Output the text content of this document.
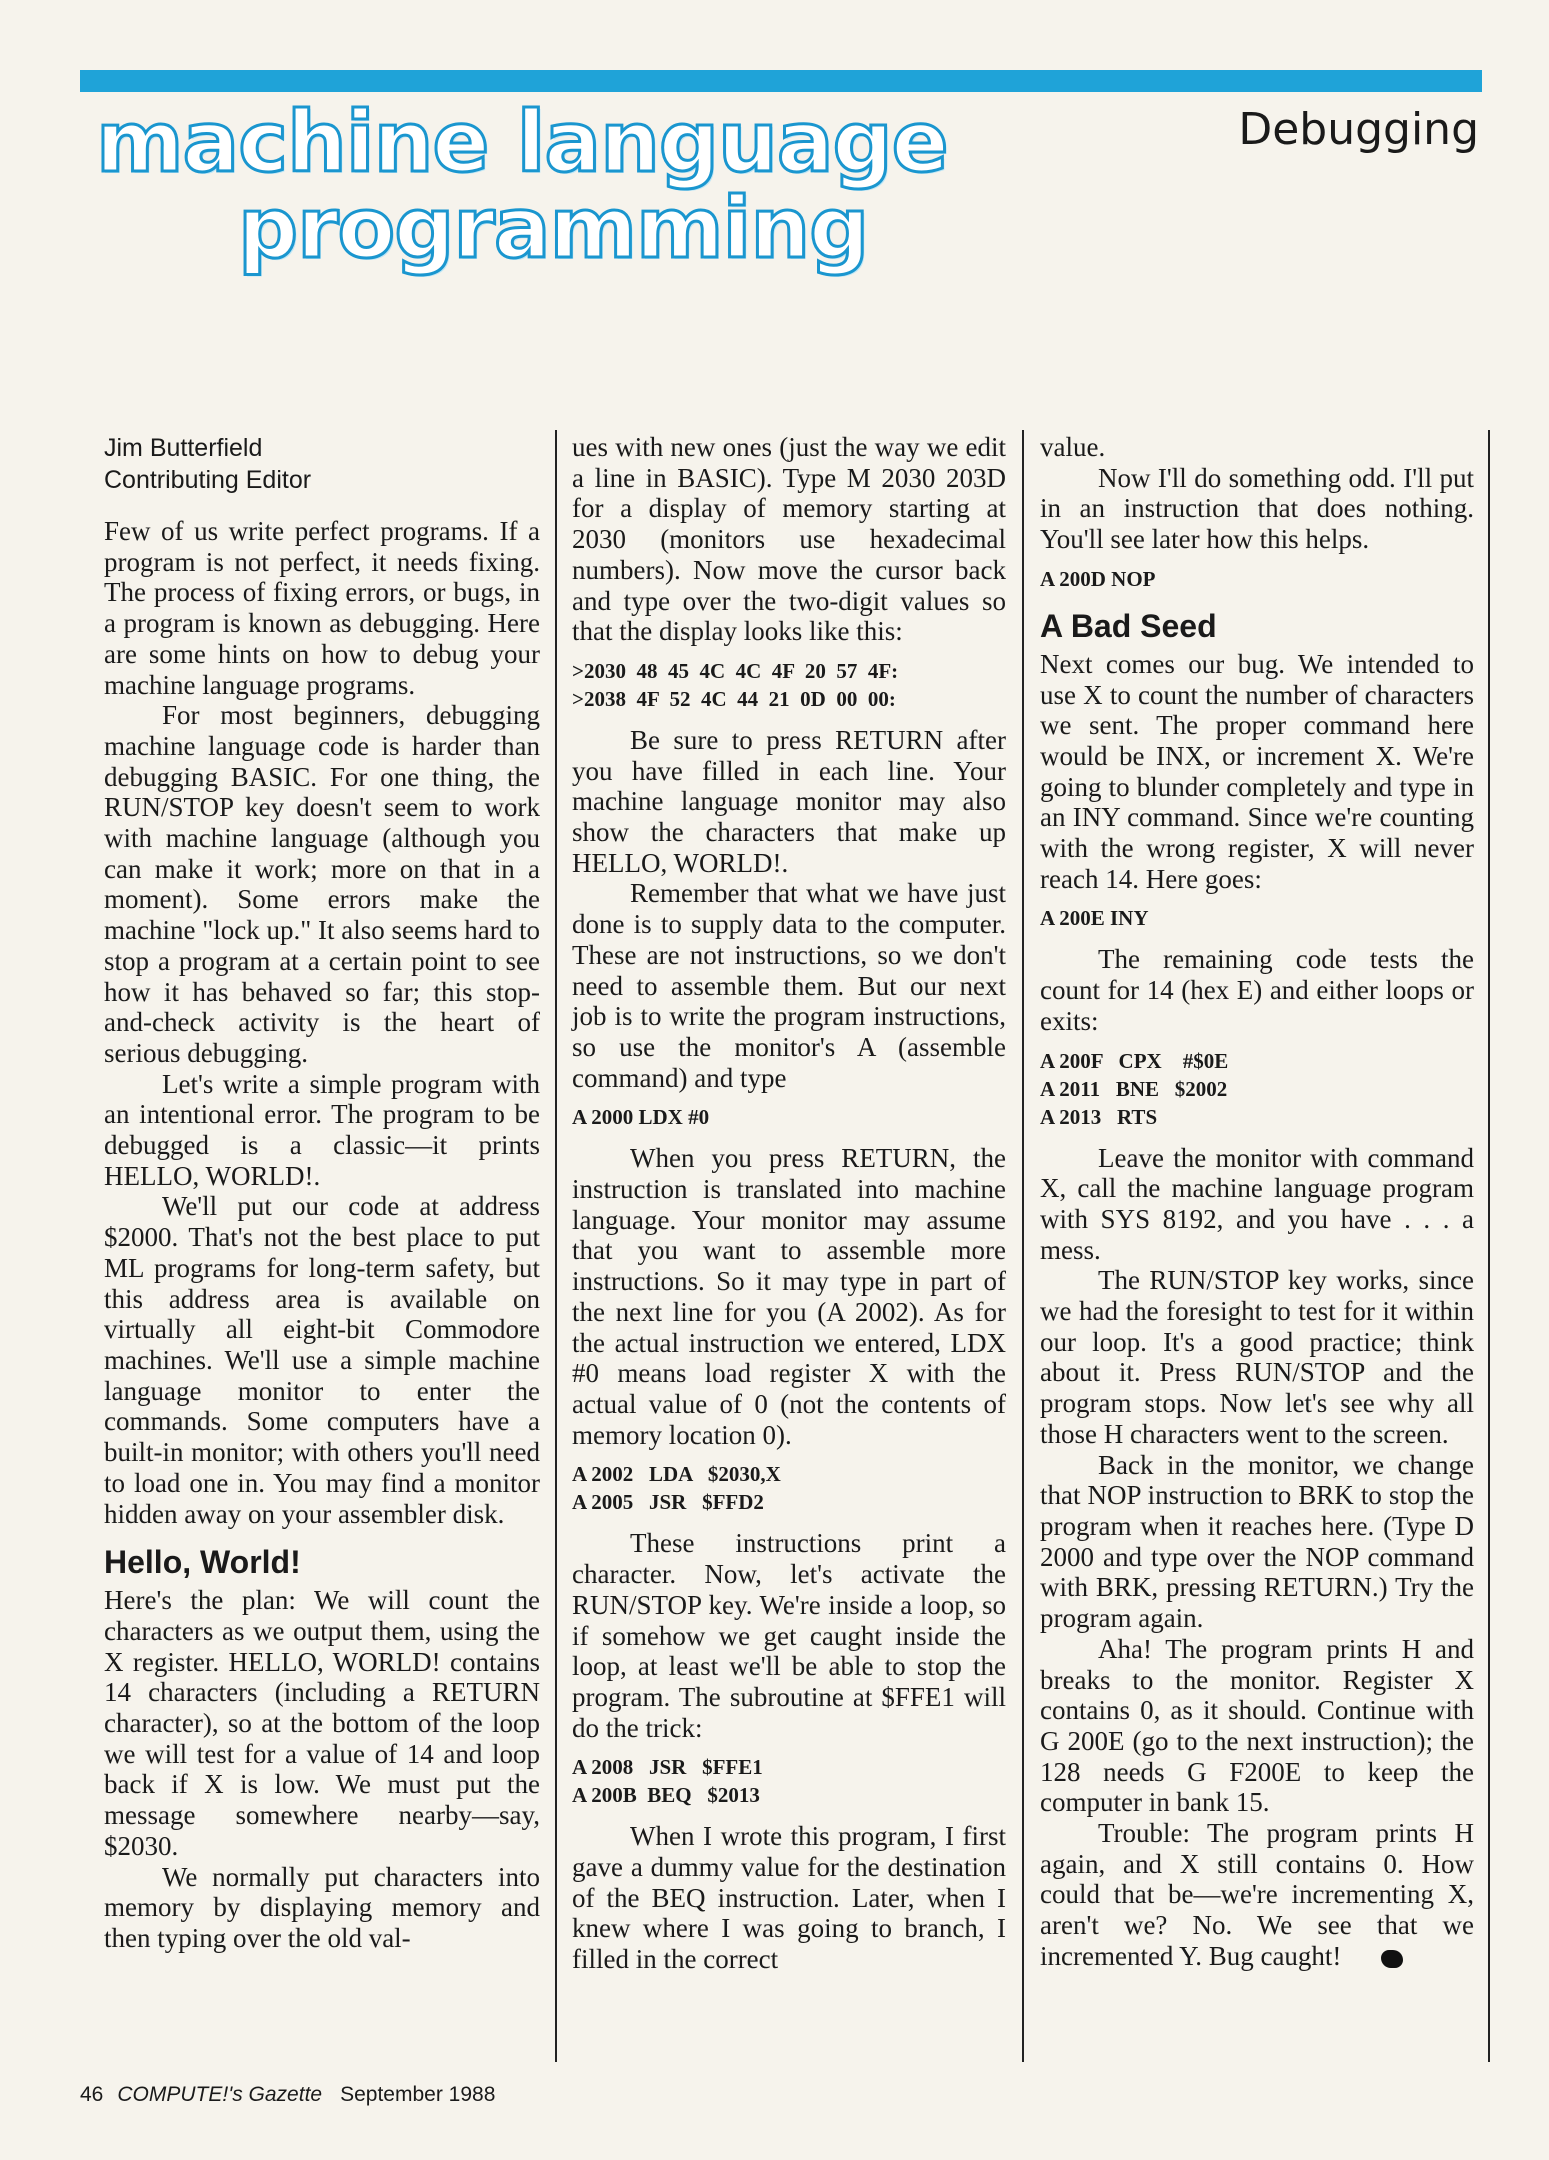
machine language
programming
Debugging
Jim Butterfield
Contributing Editor

Few of us write perfect programs. If a program is not perfect, it needs fixing. The process of fixing errors, or bugs, in a program is known as debugging. Here are some hints on how to debug your machine language programs.

For most beginners, debugging machine language code is harder than debugging BASIC. For one thing, the RUN/STOP key doesn't seem to work with machine language (although you can make it work; more on that in a moment). Some errors make the machine "lock up." It also seems hard to stop a program at a certain point to see how it has behaved so far; this stop-and-check activity is the heart of serious debugging.

Let's write a simple program with an intentional error. The program to be debugged is a classic—it prints HELLO, WORLD!.

We'll put our code at address $2000. That's not the best place to put ML programs for long-term safety, but this address area is available on virtually all eight-bit Commodore machines. We'll use a simple machine language monitor to enter the commands. Some computers have a built-in monitor; with others you'll need to load one in. You may find a monitor hidden away on your assembler disk.

Hello, World!

Here's the plan: We will count the characters as we output them, using the X register. HELLO, WORLD! contains 14 characters (including a RETURN character), so at the bottom of the loop we will test for a value of 14 and loop back if X is low. We must put the message somewhere nearby—say, $2030.

We normally put characters into memory by displaying memory and then typing over the old val-

ues with new ones (just the way we edit a line in BASIC). Type M 2030 203D for a display of memory starting at 2030 (monitors use hexadecimal numbers). Now move the cursor back and type over the two-digit values so that the display looks like this:

>2030  48  45  4C  4C  4F  20  57  4F:
>2038  4F  52  4C  44  21  0D  00  00:

Be sure to press RETURN after you have filled in each line. Your machine language monitor may also show the characters that make up HELLO, WORLD!.

Remember that what we have just done is to supply data to the computer. These are not instructions, so we don't need to assemble them. But our next job is to write the program instructions, so use the monitor's A (assemble command) and type

A 2000 LDX #0

When you press RETURN, the instruction is translated into machine language. Your monitor may assume that you want to assemble more instructions. So it may type in part of the next line for you (A 2002). As for the actual instruction we entered, LDX #0 means load register X with the actual value of 0 (not the contents of memory location 0).

A 2002   LDA   $2030,X
A 2005   JSR   $FFD2

These instructions print a character. Now, let's activate the RUN/STOP key. We're inside a loop, so if somehow we get caught inside the loop, at least we'll be able to stop the program. The subroutine at $FFE1 will do the trick:

A 2008   JSR   $FFE1
A 200B  BEQ   $2013

When I wrote this program, I first gave a dummy value for the destination of the BEQ instruction. Later, when I knew where I was going to branch, I filled in the correct

value.

Now I'll do something odd. I'll put in an instruction that does nothing. You'll see later how this helps.

A 200D NOP
A Bad Seed

Next comes our bug. We intended to use X to count the number of characters we sent. The proper command here would be INX, or increment X. We're going to blunder completely and type in an INY command. Since we're counting with the wrong register, X will never reach 14. Here goes:

A 200E INY

The remaining code tests the count for 14 (hex E) and either loops or exits:

A 200F   CPX    #$0E
A 2011   BNE   $2002
A 2013   RTS

Leave the monitor with command X, call the machine language program with SYS 8192, and you have . . . a mess.

The RUN/STOP key works, since we had the foresight to test for it within our loop. It's a good practice; think about it. Press RUN/STOP and the program stops. Now let's see why all those H characters went to the screen.

Back in the monitor, we change that NOP instruction to BRK to stop the program when it reaches here. (Type D 2000 and type over the NOP command with BRK, pressing RETURN.) Try the program again.

Aha! The program prints H and breaks to the monitor. Register X contains 0, as it should. Continue with G 200E (go to the next instruction); the 128 needs G F200E to keep the computer in bank 15.

Trouble: The program prints H again, and X still contains 0. How could that be—we're incrementing X, aren't we? No. We see that we incremented Y. Bug caught!

46 COMPUTE!'s Gazette September 1988
